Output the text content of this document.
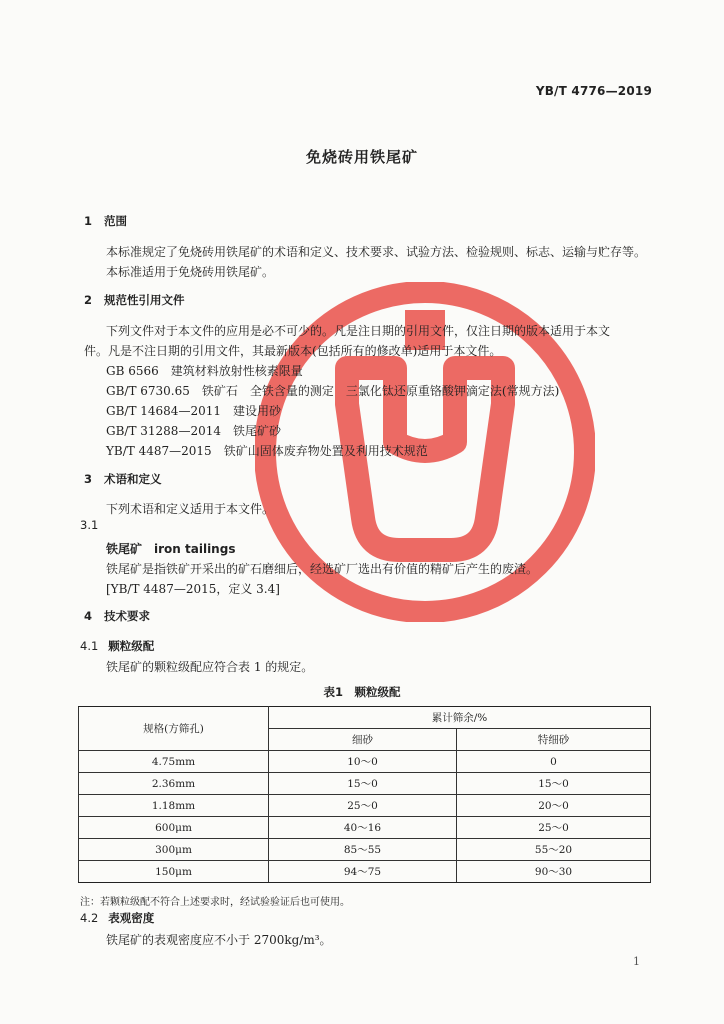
YB/T 4776—2019
免烧砖用铁尾矿
1 范围
本标准规定了免烧砖用铁尾矿的术语和定义、技术要求、试验方法、检验规则、标志、运输与贮存等。
本标准适用于免烧砖用铁尾矿。
2 规范性引用文件
下列文件对于本文件的应用是必不可少的。凡是注日期的引用文件，仅注日期的版本适用于本文
件。凡是不注日期的引用文件，其最新版本(包括所有的修改单)适用于本文件。
GB 6566　 建筑材料放射性核素限量
GB/T 6730.65　 铁矿石　全铁含量的测定　三氯化钛还原重铬酸钾滴定法(常规方法)
GB/T 14684—2011　 建设用砂
GB/T 31288—2014　 铁尾矿砂
YB/T 4487—2015　 铁矿山固体废弃物处置及利用技术规范
3 术语和定义
下列术语和定义适用于本文件。
3.1
铁尾矿 iron tailings
铁尾矿是指铁矿开采出的矿石磨细后，经选矿厂选出有价值的精矿后产生的废渣。
[YB/T 4487—2015，定义 3.4]
4 技术要求
4.1 颗粒级配
铁尾矿的颗粒级配应符合表 1 的规定。
表1　颗粒级配
规格(方筛孔)	累计筛余/%	
	细砂	特细砂
4.75mm	10～0	0
2.36mm	15～0	15～0
1.18mm	25～0	20～0
600μm	40～16	25～0
300μm	85～55	55～20
150μm	94～75	90～30
注：若颗粒级配不符合上述要求时，经试验验证后也可使用。
4.2 表观密度
铁尾矿的表观密度应不小于 2700kg/m³。
1
